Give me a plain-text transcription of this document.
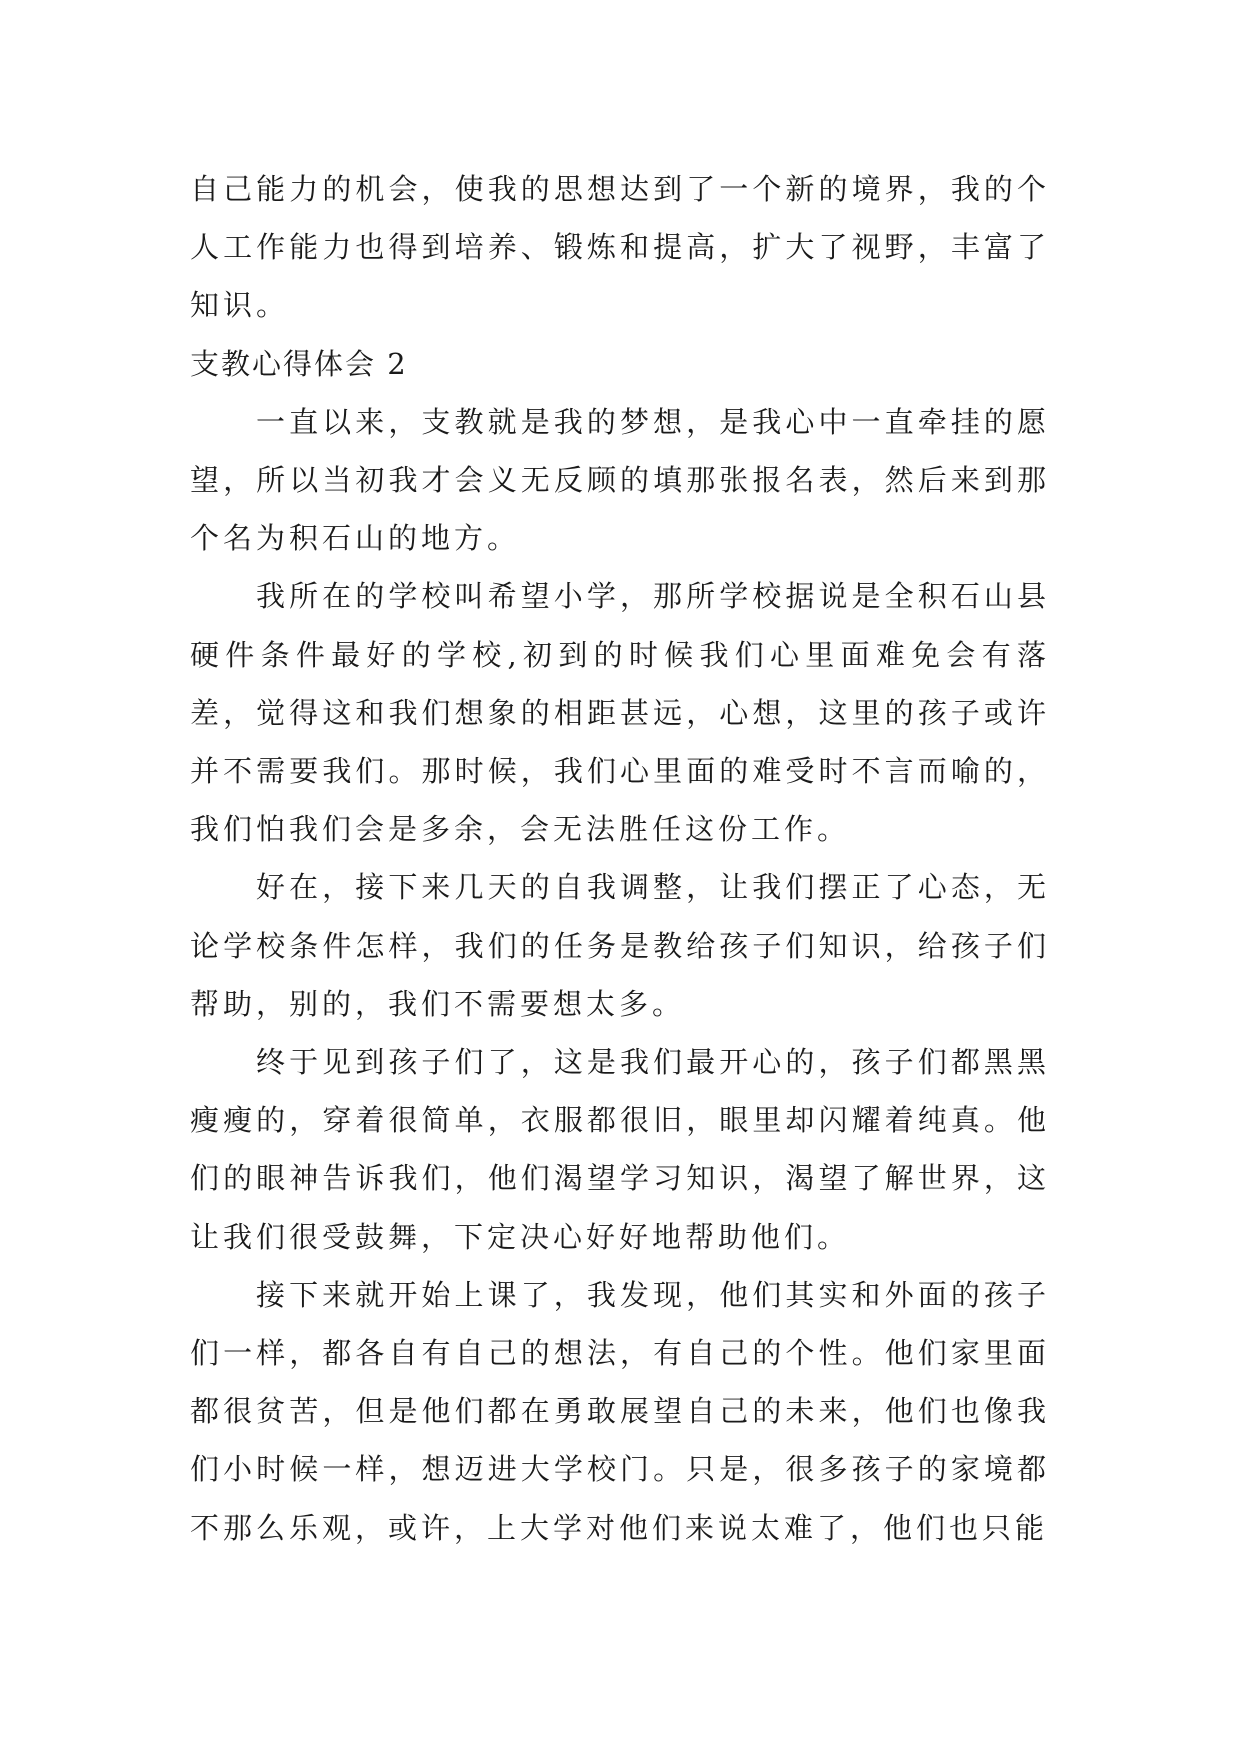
自己能力的机会，使我的思想达到了一个新的境界，我的个人工作能力也得到培养、锻炼和提高，扩大了视野，丰富了知识。

支教心得体会 2

一直以来，支教就是我的梦想，是我心中一直牵挂的愿望，所以当初我才会义无反顾的填那张报名表，然后来到那个名为积石山的地方。

我所在的学校叫希望小学，那所学校据说是全积石山县硬件条件最好的学校,初到的时候我们心里面难免会有落差，觉得这和我们想象的相距甚远，心想，这里的孩子或许并不需要我们。那时候，我们心里面的难受时不言而喻的，我们怕我们会是多余，会无法胜任这份工作。

好在，接下来几天的自我调整，让我们摆正了心态，无论学校条件怎样，我们的任务是教给孩子们知识，给孩子们帮助，别的，我们不需要想太多。

终于见到孩子们了，这是我们最开心的，孩子们都黑黑瘦瘦的，穿着很简单，衣服都很旧，眼里却闪耀着纯真。他们的眼神告诉我们，他们渴望学习知识，渴望了解世界，这让我们很受鼓舞，下定决心好好地帮助他们。

接下来就开始上课了，我发现，他们其实和外面的孩子们一样，都各自有自己的想法，有自己的个性。他们家里面都很贫苦，但是他们都在勇敢展望自己的未来，他们也像我们小时候一样，想迈进大学校门。只是，很多孩子的家境都不那么乐观，或许，上大学对他们来说太难了，他们也只能
